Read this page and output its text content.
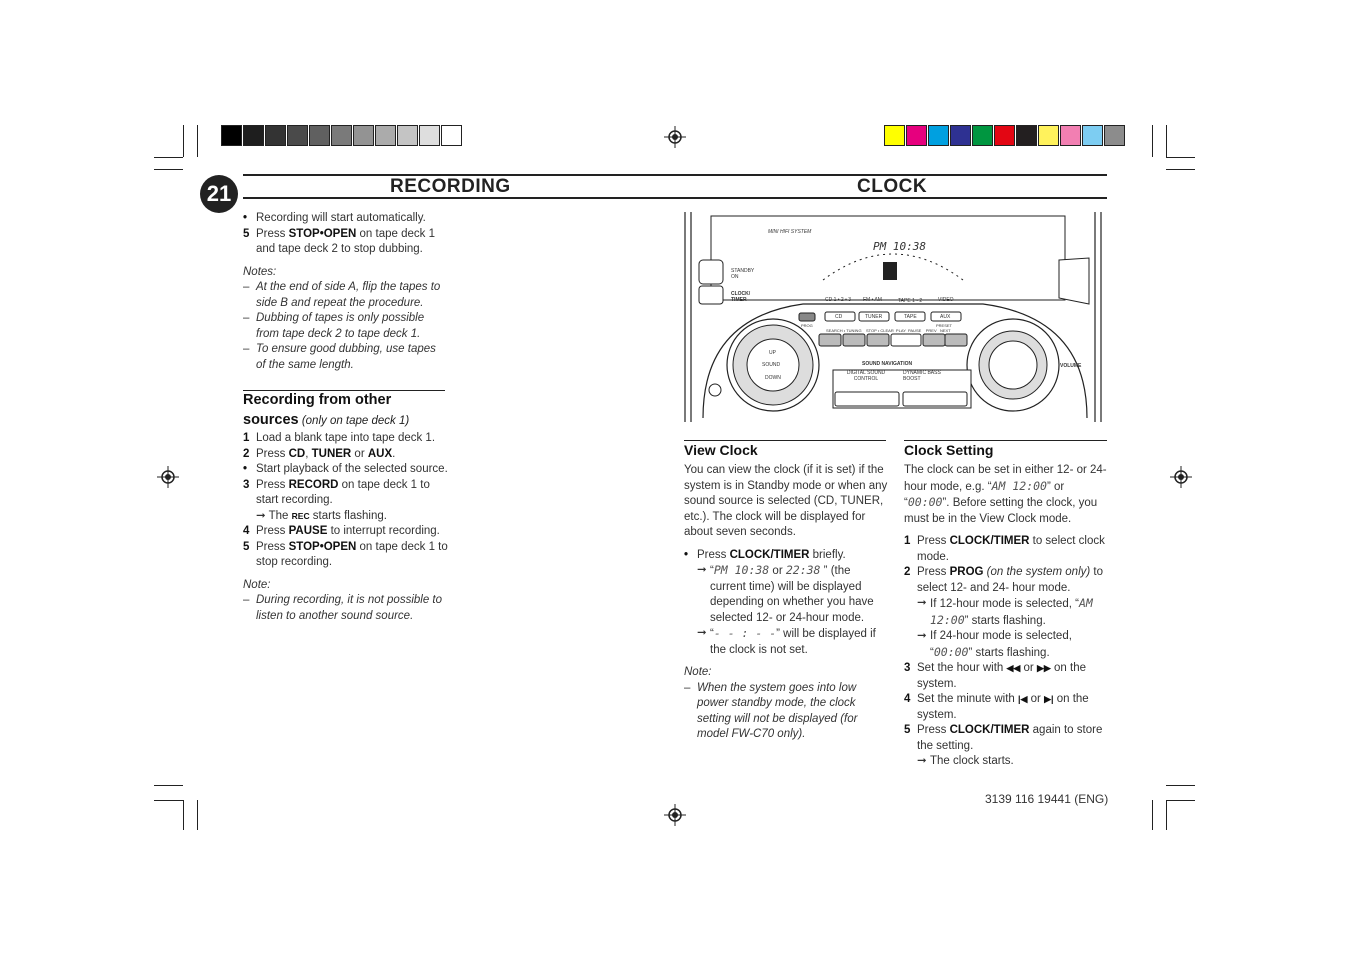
21	RECORDING	CLOCK

• Recording will start automatically.

5 Press STOP•OPEN on tape deck 1 and tape deck 2 to stop dubbing.

Notes:

– At the end of side A, flip the tapes to side B and repeat the procedure.

– Dubbing of tapes is only possible from tape deck 2 to tape deck 1.

– To ensure good dubbing, use tapes of the same length.

Recording from other
sources (only on tape deck 1)

1 Load a blank tape into tape deck 1.

2 Press CD, TUNER or AUX.

• Start playback of the selected source.

3 Press RECORD on tape deck 1 to start recording.

➞ The REC starts flashing.

4 Press PAUSE to interrupt recording.

5 Press STOP•OPEN on tape deck 1 to stop recording.

Note:

– During recording, it is not possible to listen to another sound source.

MINI HIFI SYSTEM
PM 10:38
STANDBY
ON
CLOCK/
TIMER	CD 1 • 2 • 3 FM • AM	TAPE 1 • 2	VIDEO
CD	TUNER	TAPE	AUX
PROG	PRESET
SEARCH • TUNING    STOP • CLEAR  PLAY  PAUSE    PREV   NEXT
SOUND NAVIGATION
UP
SOUND
DOWN
DIGITAL SOUND CONTROL
DYNAMIC BASS BOOST
VOLUME
View Clock

You can view the clock (if it is set) if the system is in Standby mode or when any sound source is selected (CD, TUNER, etc.). The clock will be displayed for about seven seconds.

• Press CLOCK/TIMER briefly.

➞ “PM 10:38 or 22:38 ” (the current time) will be displayed depending on whether you have selected 12- or 24-hour mode.

➞ “- - : - -” will be displayed if the clock is not set.

Note:

– When the system goes into low power standby mode, the clock setting will not be displayed (for model FW-C70 only).

Clock Setting

The clock can be set in either 12- or 24-hour mode, e.g. “AM 12:00” or “00:00”. Before setting the clock, you must be in the View Clock mode.

1 Press CLOCK/TIMER to select clock mode.

2 Press PROG (on the system only) to select 12- and 24- hour mode.

➞ If 12-hour mode is selected, “AM 12:00” starts flashing.

➞ If 24-hour mode is selected, “00:00” starts flashing.

3 Set the hour with ◀◀ or ▶▶ on the system.

4 Set the minute with |◀ or ▶| on the system.

5 Press CLOCK/TIMER again to store the setting.

➞ The clock starts.

3139 116 19441 (ENG)
